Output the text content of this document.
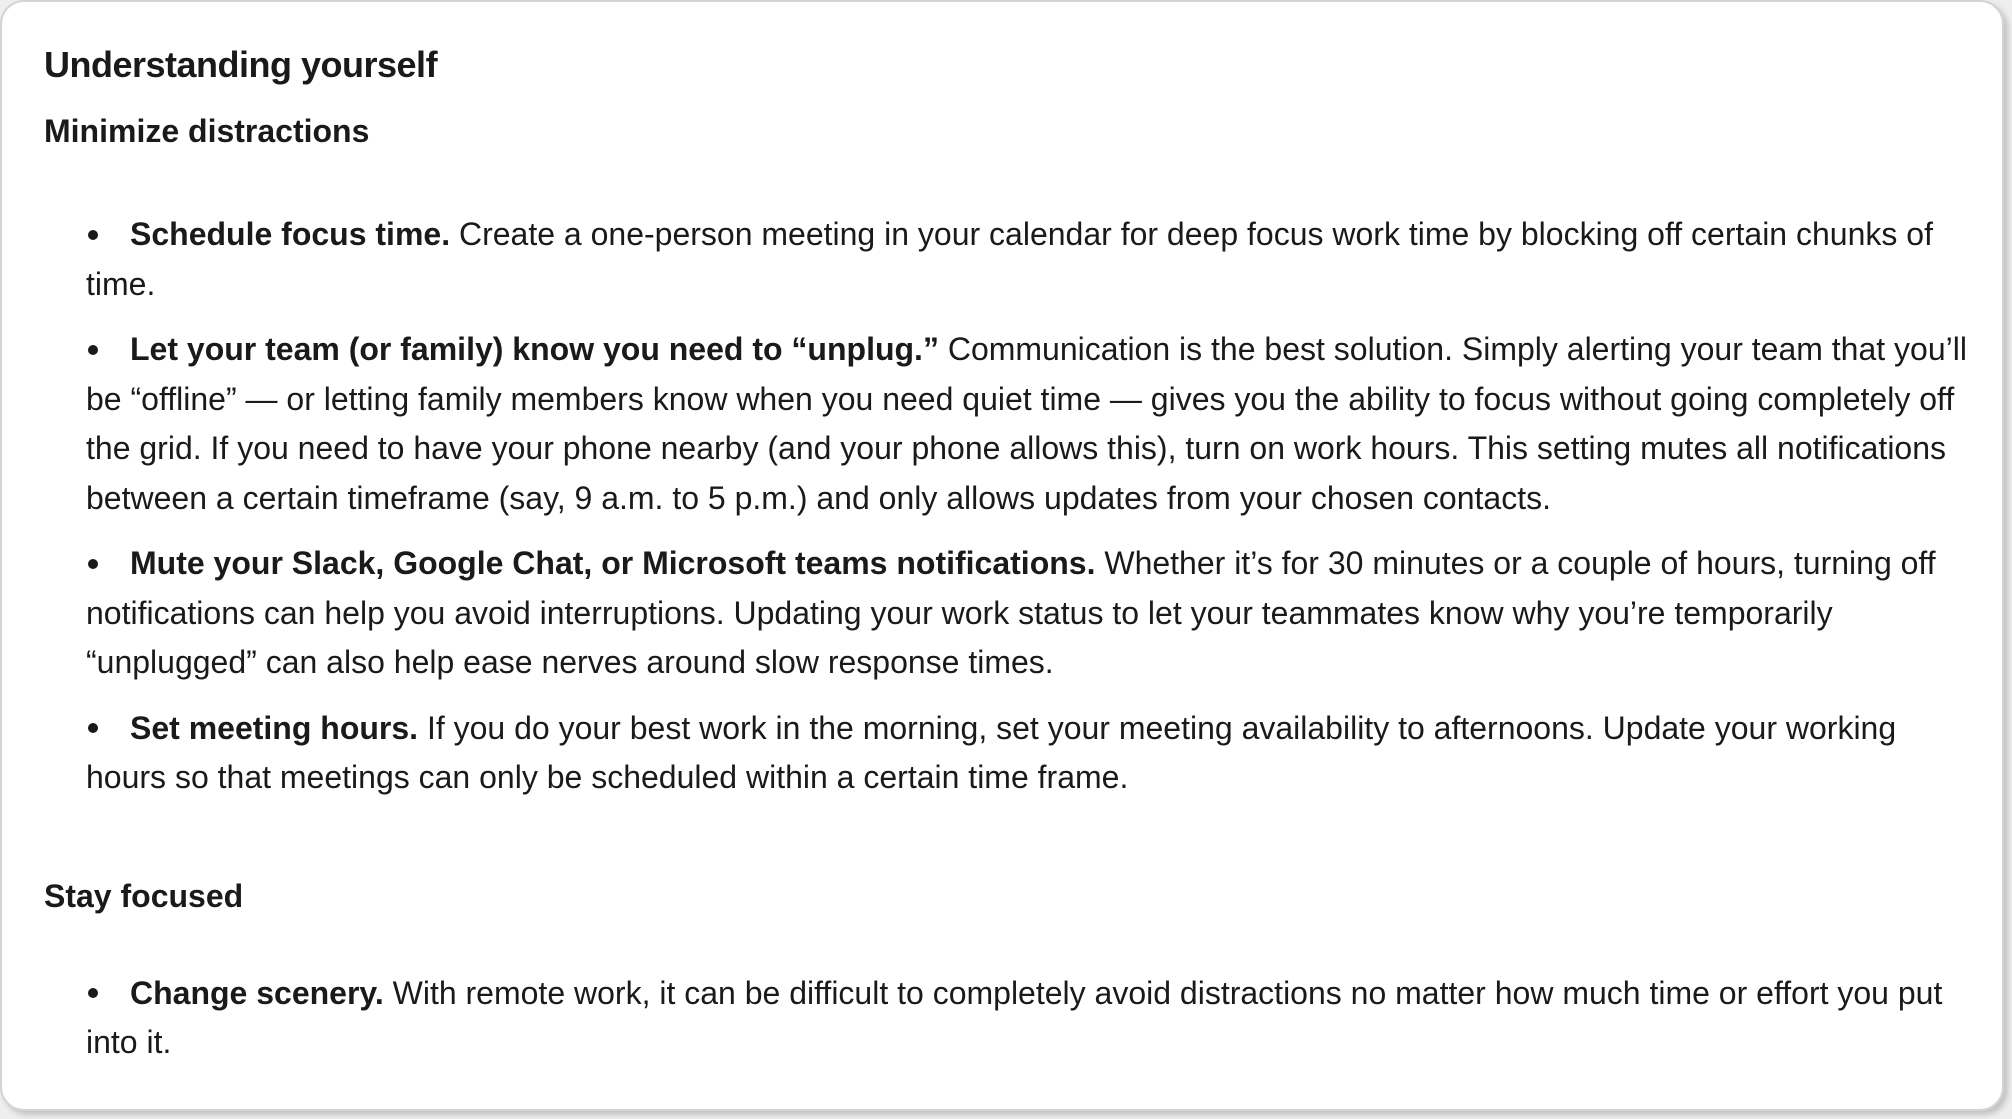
Understanding yourself
Minimize distractions
Schedule focus time. Create a one-person meeting in your calendar for deep focus work time by blocking off certain chunks of time.
Let your team (or family) know you need to “unplug.” Communication is the best solution. Simply alerting your team that you’ll be “offline” — or letting family members know when you need quiet time — gives you the ability to focus without going completely off the grid. If you need to have your phone nearby (and your phone allows this), turn on work hours. This setting mutes all notifications between a certain timeframe (say, 9 a.m. to 5 p.m.) and only allows updates from your chosen contacts.
Mute your Slack, Google Chat, or Microsoft teams notifications. Whether it’s for 30 minutes or a couple of hours, turning off notifications can help you avoid interruptions. Updating your work status to let your teammates know why you’re temporarily “unplugged” can also help ease nerves around slow response times.
Set meeting hours. If you do your best work in the morning, set your meeting availability to afternoons. Update your working hours so that meetings can only be scheduled within a certain time frame.
Stay focused
Change scenery. With remote work, it can be difficult to completely avoid distractions no matter how much time or effort you put into it.
